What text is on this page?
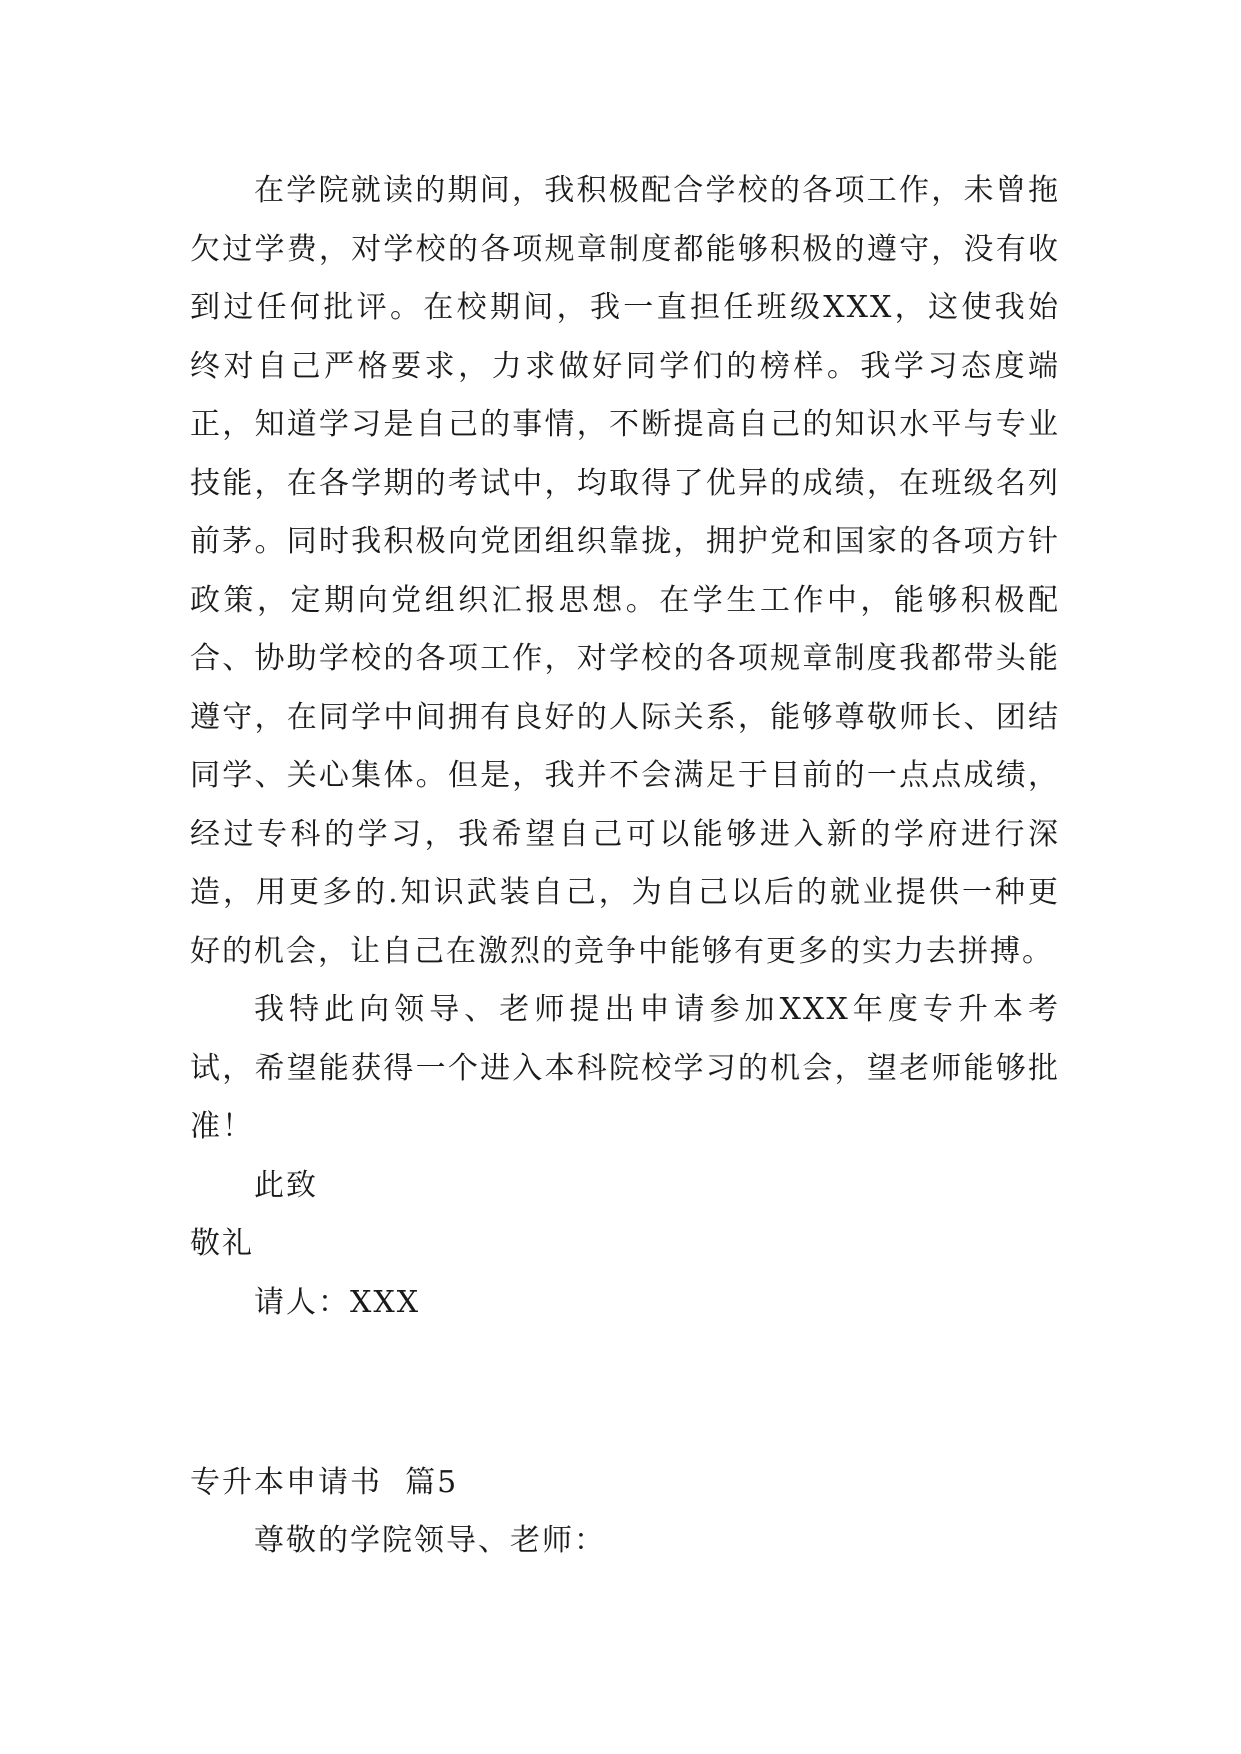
在学院就读的期间，我积极配合学校的各项工作，未曾拖欠过学费，对学校的各项规章制度都能够积极的遵守，没有收到过任何批评。在校期间，我一直担任班级XXX，这使我始终对自己严格要求，力求做好同学们的榜样。我学习态度端正，知道学习是自己的事情，不断提高自己的知识水平与专业技能，在各学期的考试中，均取得了优异的成绩，在班级名列前茅。同时我积极向党团组织靠拢，拥护党和国家的各项方针政策，定期向党组织汇报思想。在学生工作中，能够积极配合、协助学校的各项工作，对学校的各项规章制度我都带头能遵守，在同学中间拥有良好的人际关系，能够尊敬师长、团结同学、关心集体。但是，我并不会满足于目前的一点点成绩，经过专科的学习，我希望自己可以能够进入新的学府进行深造，用更多的.知识武装自己，为自己以后的就业提供一种更好的机会，让自己在激烈的竞争中能够有更多的实力去拼搏。

我特此向领导、老师提出申请参加XXX年度专升本考试，希望能获得一个进入本科院校学习的机会，望老师能够批准！

此致

敬礼

请人：XXX

专升本申请书  篇5

尊敬的学院领导、老师：
